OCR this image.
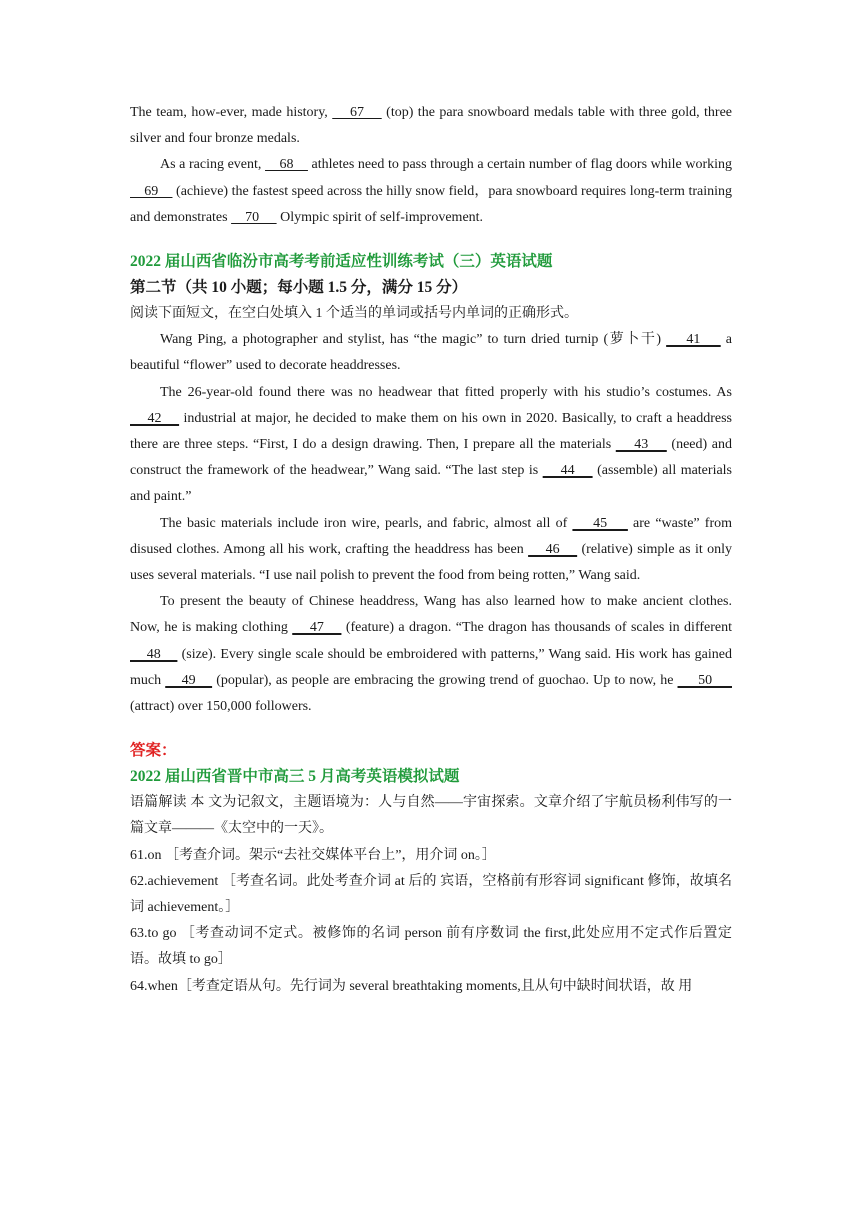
The team, how-ever, made history,     67     (top) the para snowboard medals table with three gold, three silver and four bronze medals.

As a racing event,     68     athletes need to pass through a certain number of flag doors while working     69     (achieve) the fastest speed across the hilly snow field，para snowboard requires long-term training and demonstrates     70      Olympic spirit of self-improvement.

2022 届山西省临汾市高考考前适应性训练考试（三）英语试题

第二节（共 10 小题；每小题 1.5 分，满分 15 分）

阅读下面短文，在空白处填入 1 个适当的单词或括号内单词的正确形式。

Wang Ping, a photographer and stylist, has “the magic” to turn dried turnip (萝卜干)     41     a beautiful “flower” used to decorate headdresses.

The 26-year-old found there was no headwear that fitted properly with his studio’s costumes. As     42     industrial at major, he decided to make them on his own in 2020. Basically, to craft a headdress there are three steps. “First, I do a design drawing. Then, I prepare all the materials     43     (need) and construct the framework of the headwear,” Wang said. “The last step is     44     (assemble) all materials and paint.”

The basic materials include iron wire, pearls, and fabric, almost all of     45     are “waste” from disused clothes. Among all his work, crafting the headdress has been     46     (relative) simple as it only uses several materials. “I use nail polish to prevent the food from being rotten,” Wang said.

To present the beauty of Chinese headdress, Wang has also learned how to make ancient clothes. Now, he is making clothing     47     (feature) a dragon. “The dragon has thousands of scales in different     48     (size). Every single scale should be embroidered with patterns,” Wang said. His work has gained much     49     (popular), as people are embracing the growing trend of guochao. Up to now, he      50      (attract) over 150,000 followers.

答案：

2022 届山西省晋中市高三 5 月高考英语模拟试题

语篇解读 本 文为记叙文，主题语境为：人与自然——宇宙探索。文章介绍了宇航员杨利伟写的一篇文章———《太空中的一天》。

61.on ［考查介词。架示“去社交媒体平台上”，用介词 on。］

62.achievement ［考查名词。此处考查介词 at 后的 宾语，空格前有形容词 significant 修饰，故填名词 achievement。］

63.to go ［考查动词不定式。被修饰的名词 person 前有序数词 the first,此处应用不定式作后置定语。故填 to go］

64.when［考查定语从句。先行词为 several breathtaking moments,且从句中缺时间状语，故 用
